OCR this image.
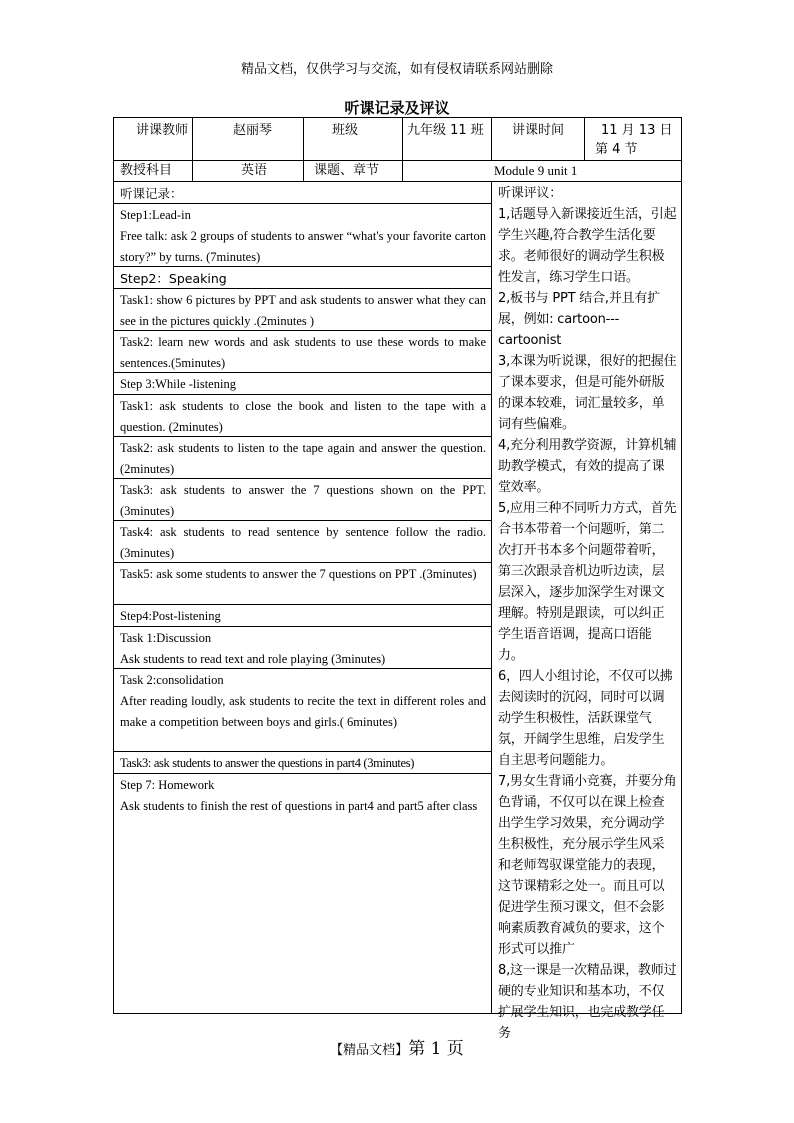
精品文档，仅供学习与交流，如有侵权请联系网站删除
听课记录及评议
讲课教师	赵丽琴	班级	九年级 11 班	讲课时间	11 月 13 日
第 4 节
教授科目	英语	课题、章节	Module 9 unit 1
听课记录：
Step1:Lead-in
Free talk: ask 2 groups of students to answer “what's your favorite carton story?” by turns. (7minutes)
Step2：Speaking
Task1: show 6 pictures by PPT and ask students to answer what they can see in the pictures quickly .(2minutes )
Task2: learn new words and ask students to use these words to make sentences.(5minutes)
Step 3:While -listening
Task1: ask students to close the book and listen to the tape with a question. (2minutes)
Task2: ask students to listen to the tape again and answer the question. (2minutes)
Task3: ask students to answer the 7 questions shown on the PPT. (3minutes)
Task4: ask students to read sentence by sentence follow the radio. (3minutes)
Task5: ask some students to answer the 7 questions on PPT .(3minutes)
Step4:Post-listening
Task 1:Discussion
Ask students to read text and role playing (3minutes)
Task 2:consolidation
After reading loudly, ask students to recite the text in different roles and make a competition between boys and girls.( 6minutes)
Task3: ask students to answer the questions in part4 (3minutes)
Step 7: Homework
Ask students to finish the rest of questions in part4 and part5 after class

听课评议：

1,话题导入新课接近生活，引起学生兴趣,符合教学生活化要求。老师很好的调动学生积极性发言，练习学生口语。

2,板书与 PPT 结合,并且有扩展，例如: cartoon---cartoonist

3,本课为听说课，很好的把握住了课本要求，但是可能外研版的课本较难，词汇量较多，单词有些偏难。

4,充分利用教学资源，计算机辅助教学模式，有效的提高了课堂效率。

5,应用三种不同听力方式，首先合书本带着一个问题听，第二次打开书本多个问题带着听，第三次跟录音机边听边读，层层深入，逐步加深学生对课文理解。特别是跟读，可以纠正学生语音语调，提高口语能力。

6，四人小组讨论，不仅可以拂去阅读时的沉闷，同时可以调动学生积极性，活跃课堂气氛，开阔学生思维，启发学生自主思考问题能力。

7,男女生背诵小竞赛，并要分角色背诵，不仅可以在课上检查出学生学习效果，充分调动学生积极性，充分展示学生风采和老师驾驭课堂能力的表现，这节课精彩之处一。而且可以促进学生预习课文，但不会影响素质教育减负的要求，这个形式可以推广

8,这一课是一次精品课，教师过硬的专业知识和基本功，不仅扩展学生知识，也完成教学任务

【精品文档】第 1 页
